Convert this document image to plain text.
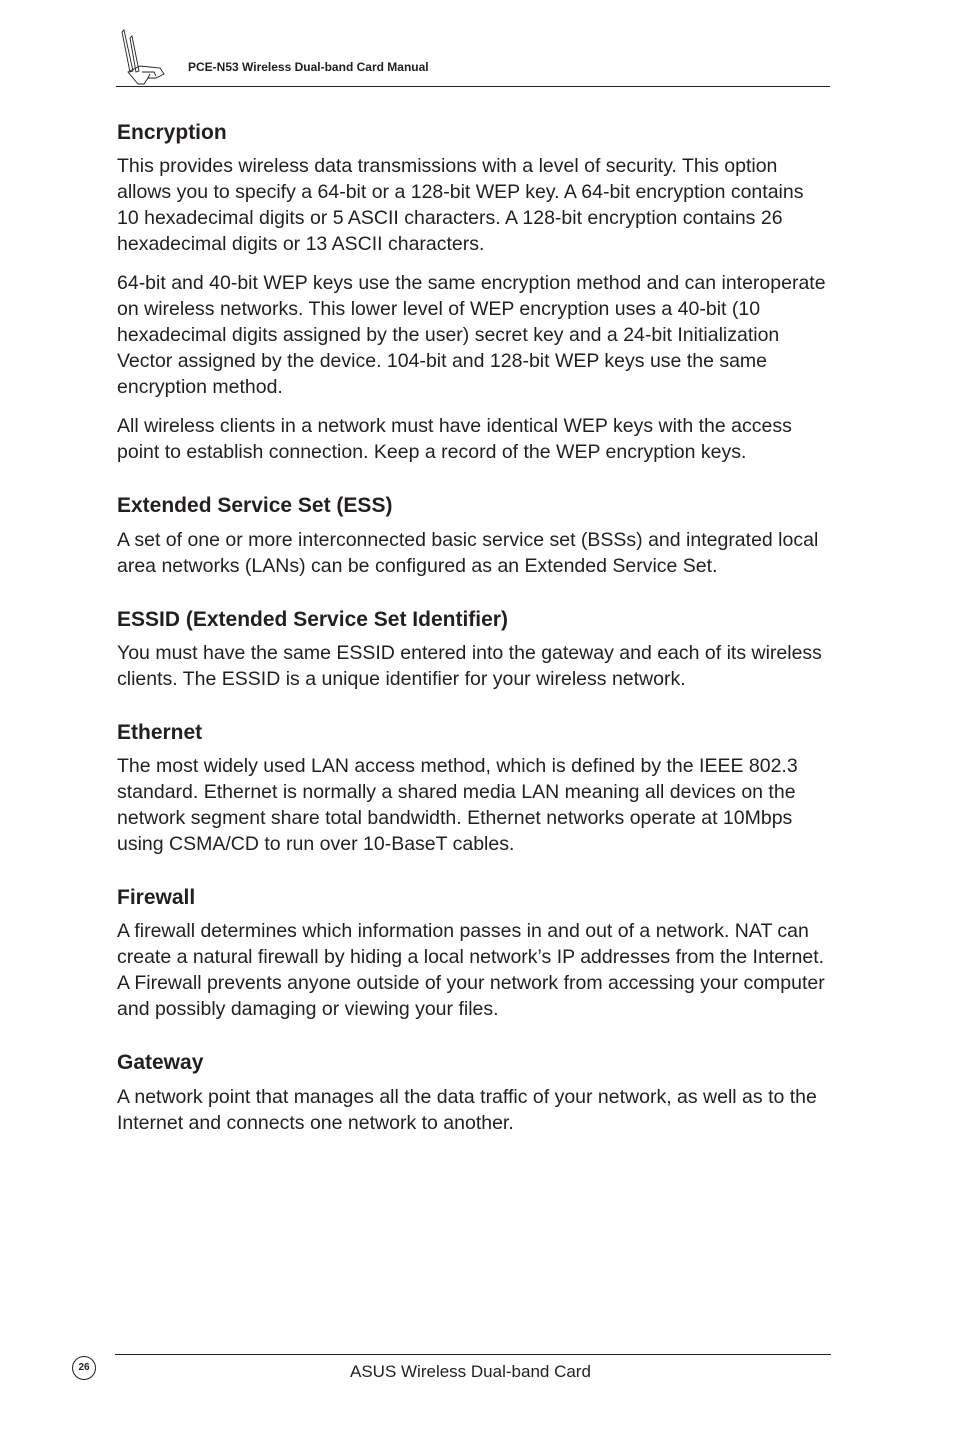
PCE-N53 Wireless Dual-band Card Manual
Encryption

This provides wireless data transmissions with a level of security. This option allows you to specify a 64-bit or a 128-bit WEP key. A 64-bit encryption contains 10 hexadecimal digits or 5 ASCII characters. A 128-bit encryption contains 26 hexadecimal digits or 13 ASCII characters.

64-bit and 40-bit WEP keys use the same encryption method and can interoperate on wireless networks. This lower level of WEP encryption uses a 40-bit (10 hexadecimal digits assigned by the user) secret key and a 24-bit Initialization Vector assigned by the device. 104-bit and 128-bit WEP keys use the same encryption method.

All wireless clients in a network must have identical WEP keys with the access point to establish connection. Keep a record of the WEP encryption keys.

Extended Service Set (ESS)

A set of one or more interconnected basic service set (BSSs) and integrated local area networks (LANs) can be configured as an Extended Service Set.

ESSID (Extended Service Set Identifier)

You must have the same ESSID entered into the gateway and each of its wireless clients. The ESSID is a unique identifier for your wireless network.

Ethernet

The most widely used LAN access method, which is defined by the IEEE 802.3 standard. Ethernet is normally a shared media LAN meaning all devices on the network segment share total bandwidth. Ethernet networks operate at 10Mbps using CSMA/CD to run over 10-BaseT cables.

Firewall

A firewall determines which information passes in and out of a network. NAT can create a natural firewall by hiding a local network’s IP addresses from the Internet. A Firewall prevents anyone outside of your network from accessing your computer and possibly damaging or viewing your files.

Gateway

A network point that manages all the data traffic of your network, as well as to the Internet and connects one network to another.

26	ASUS Wireless Dual-band Card
